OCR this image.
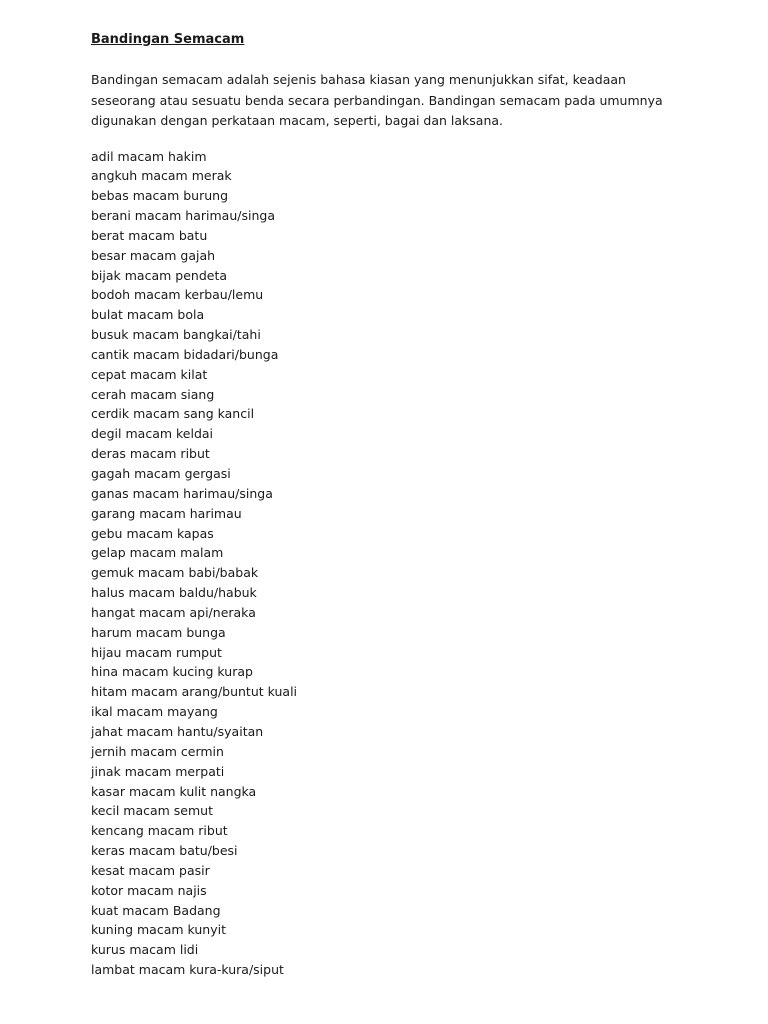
Bandingan Semacam

Bandingan semacam adalah sejenis bahasa kiasan yang menunjukkan sifat, keadaan seseorang atau sesuatu benda secara perbandingan. Bandingan semacam pada umumnya digunakan dengan perkataan macam, seperti, bagai dan laksana.

adil macam hakim
angkuh macam merak
bebas macam burung
berani macam harimau/singa
berat macam batu
besar macam gajah
bijak macam pendeta
bodoh macam kerbau/lemu
bulat macam bola
busuk macam bangkai/tahi
cantik macam bidadari/bunga
cepat macam kilat
cerah macam siang
cerdik macam sang kancil
degil macam keldai
deras macam ribut
gagah macam gergasi
ganas macam harimau/singa
garang macam harimau
gebu macam kapas
gelap macam malam
gemuk macam babi/babak
halus macam baldu/habuk
hangat macam api/neraka
harum macam bunga
hijau macam rumput
hina macam kucing kurap
hitam macam arang/buntut kuali
ikal macam mayang
jahat macam hantu/syaitan
jernih macam cermin
jinak macam merpati
kasar macam kulit nangka
kecil macam semut
kencang macam ribut
keras macam batu/besi
kesat macam pasir
kotor macam najis
kuat macam Badang
kuning macam kunyit
kurus macam lidi
lambat macam kura-kura/siput
